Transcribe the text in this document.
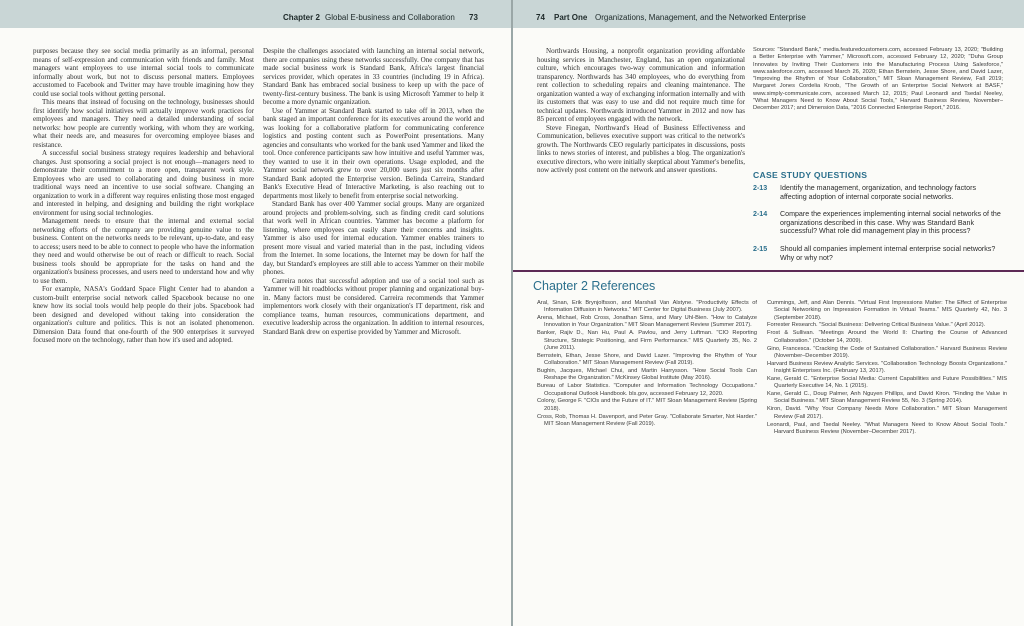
Chapter 2 Global E-business and Collaboration 73

purposes because they see social media primarily as an informal, personal means of self-expression and communication with friends and family. Most managers want employees to use internal social tools to communicate informally about work, but not to discuss personal matters. Employees accustomed to Facebook and Twitter may have trouble imagining how they could use social tools without getting personal.

This means that instead of focusing on the technology, businesses should first identify how social initiatives will actually improve work practices for employees and managers. They need a detailed understanding of social networks: how people are currently working, with whom they are working, what their needs are, and measures for overcoming employee biases and resistance.

A successful social business strategy requires leadership and behavioral changes. Just sponsoring a social project is not enough—managers need to demonstrate their commitment to a more open, transparent work style. Employees who are used to collaborating and doing business in more traditional ways need an incentive to use social software. Changing an organization to work in a different way requires enlisting those most engaged and interested in helping, and designing and building the right workplace environment for using social technologies.

Management needs to ensure that the internal and external social networking efforts of the company are providing genuine value to the business. Content on the networks needs to be relevant, up-to-date, and easy to access; users need to be able to connect to people who have the information they need and would otherwise be out of reach or difficult to reach. Social business tools should be appropriate for the tasks on hand and the organization's business processes, and users need to understand how and why to use them.

For example, NASA's Goddard Space Flight Center had to abandon a custom-built enterprise social network called Spacebook because no one knew how its social tools would help people do their jobs. Spacebook had been designed and developed without taking into consideration the organization's culture and politics. This is not an isolated phenomenon. Dimension Data found that one-fourth of the 900 enterprises it surveyed focused more on the technology, rather than how it's used and adopted.

Despite the challenges associated with launching an internal social network, there are companies using these networks successfully. One company that has made social business work is Standard Bank, Africa's largest financial services provider, which operates in 33 countries (including 19 in Africa). Standard Bank has embraced social business to keep up with the pace of twenty-first-century business. The bank is using Microsoft Yammer to help it become a more dynamic organization.

Use of Yammer at Standard Bank started to take off in 2013, when the bank staged an important conference for its executives around the world and was looking for a collaborative platform for communicating conference logistics and posting content such as PowerPoint presentations. Many agencies and consultants who worked for the bank used Yammer and liked the tool. Once conference participants saw how intuitive and useful Yammer was, they wanted to use it in their own operations. Usage exploded, and the Yammer social network grew to over 20,000 users just six months after Standard Bank adopted the Enterprise version. Belinda Carreira, Standard Bank's Executive Head of Interactive Marketing, is also reaching out to departments most likely to benefit from enterprise social networking.

Standard Bank has over 400 Yammer social groups. Many are organized around projects and problem-solving, such as finding credit card solutions that work well in African countries. Yammer has become a platform for listening, where employees can easily share their concerns and insights. Yammer is also used for internal education. Yammer enables trainers to present more visual and varied material than in the past, including videos from the Internet. In some locations, the Internet may be down for half the day, but Standard's employees are still able to access Yammer on their mobile phones.

Carreira notes that successful adoption and use of a social tool such as Yammer will hit roadblocks without proper planning and organizational buy-in. Many factors must be considered. Carreira recommends that Yammer implementors work closely with their organization's IT department, risk and compliance teams, human resources, communications department, and executive leadership across the organization. In addition to internal resources, Standard Bank drew on expertise provided by Yammer and Microsoft.

74 Part One Organizations, Management, and the Networked Enterprise

Northwards Housing, a nonprofit organization providing affordable housing services in Manchester, England, has an open organizational culture, which encourages two-way communication and information transparency. Northwards has 340 employees, who do everything from rent collection to scheduling repairs and cleaning maintenance. The organization wanted a way of exchanging information internally and with its customers that was easy to use and did not require much time for technical updates. Northwards introduced Yammer in 2012 and now has 85 percent of employees engaged with the network.

Steve Finegan, Northward's Head of Business Effectiveness and Communication, believes executive support was critical to the network's growth. The Northwards CEO regularly participates in discussions, posts links to news stories of interest, and publishes a blog. The organization's executive directors, who were initially skeptical about Yammer's benefits, now actively post content on the network and answer questions.

Sources: "Standard Bank," media.featuredcustomers.com, accessed February 13, 2020; "Building a Better Enterprise with Yammer," Microsoft.com, accessed February 12, 2020; "Duha Group Innovates by Inviting Their Customers into the Manufacturing Process Using Salesforce," www.salesforce.com, accessed March 26, 2020; Ethan Bernstein, Jesse Shore, and David Lazer, "Improving the Rhythm of Your Collaboration," MIT Sloan Management Review, Fall 2019; Margaret Jones Cordelia Kroob, "The Growth of an Enterprise Social Network at BASF," www.simply-communicate.com, accessed March 12, 2015; Paul Leonardi and Tsedal Neeley, "What Managers Need to Know About Social Tools," Harvard Business Review, November–December 2017; and Dimension Data, "2016 Connected Enterprise Report," 2016.

CASE STUDY QUESTIONS
2-13 Identify the management, organization, and technology factors affecting adoption of internal corporate social networks.
2-14 Compare the experiences implementing internal social networks of the organizations described in this case. Why was Standard Bank successful? What role did management play in this process?
2-15 Should all companies implement internal enterprise social networks? Why or why not?
Chapter 2 References

Aral, Sinan, Erik Brynjolfsson, and Marshall Van Alstyne. "Productivity Effects of Information Diffusion in Networks." MIT Center for Digital Business (July 2007).

Arena, Michael, Rob Cross, Jonathan Sims, and Mary Uhl-Bien. "How to Catalyze Innovation in Your Organization." MIT Sloan Management Review (Summer 2017).

Banker, Rajiv D., Nan Hu, Paul A. Pavlou, and Jerry Luftman. "CIO Reporting Structure, Strategic Positioning, and Firm Performance." MIS Quarterly 35, No. 2 (June 2011).

Bernstein, Ethan, Jesse Shore, and David Lazer. "Improving the Rhythm of Your Collaboration." MIT Sloan Management Review (Fall 2019).

Bughin, Jacques, Michael Chui, and Martin Harrysson. "How Social Tools Can Reshape the Organization." McKinsey Global Institute (May 2016).

Bureau of Labor Statistics. "Computer and Information Technology Occupations." Occupational Outlook Handbook. bls.gov, accessed February 12, 2020.

Colony, George F. "CIOs and the Future of IT." MIT Sloan Management Review (Spring 2018).

Cross, Rob, Thomas H. Davenport, and Peter Gray. "Collaborate Smarter, Not Harder." MIT Sloan Management Review (Fall 2019).

Cummings, Jeff, and Alan Dennis. "Virtual First Impressions Matter: The Effect of Enterprise Social Networking on Impression Formation in Virtual Teams." MIS Quarterly 42, No. 3 (September 2018).

Forrester Research. "Social Business: Delivering Critical Business Value." (April 2012).

Frost & Sullivan. "Meetings Around the World II: Charting the Course of Advanced Collaboration." (October 14, 2009).

Gino, Francesca. "Cracking the Code of Sustained Collaboration." Harvard Business Review (November–December 2019).

Harvard Business Review Analytic Services. "Collaboration Technology Boosts Organizations." Insight Enterprises Inc. (February 13, 2017).

Kane, Gerald C. "Enterprise Social Media: Current Capabilities and Future Possibilities." MIS Quarterly Executive 14, No. 1 (2015).

Kane, Gerald C., Doug Palmer, Anh Nguyen Phillips, and David Kiron. "Finding the Value in Social Business." MIT Sloan Management Review 55, No. 3 (Spring 2014).

Kiron, David. "Why Your Company Needs More Collaboration." MIT Sloan Management Review (Fall 2017).

Leonardi, Paul, and Tsedal Neeley. "What Managers Need to Know About Social Tools." Harvard Business Review (November–December 2017).
